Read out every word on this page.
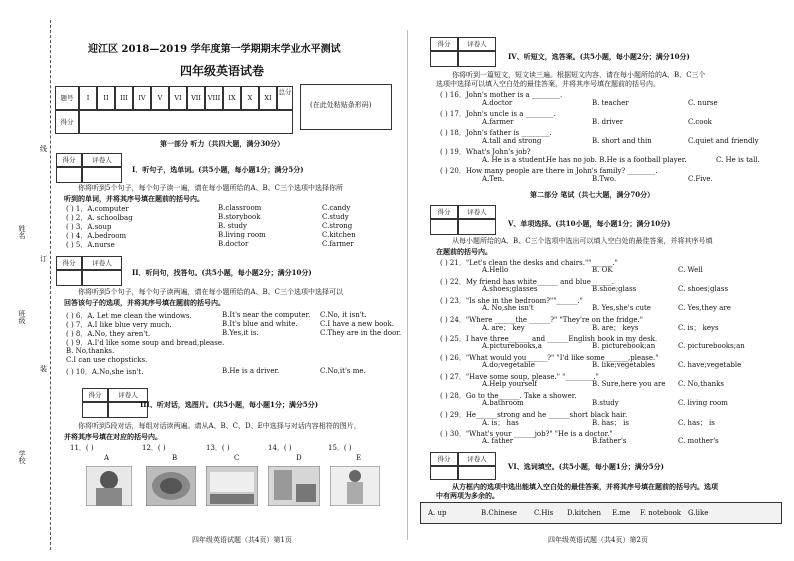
线
订
装
姓名
班级
学校
迎江区 2018—2019 学年度第一学期期末学业水平测试
四年级英语试卷
题号	I	II	III	IV	V	VI	VII	VIII	IX	X	XI
总分
得分
(在此处粘贴条形码)
第一部分 听力（共四大题，满分30分）
得分	评卷人
I．听句子，选单词。(共5小题，每小题1分；满分5分)
你将听到5个句子，每个句子读一遍，请在每小题所给的A、B、C三个选项中选择你所
听到的单词，并将其序号填在题前的括号内。
( ) 1．A.computer	B.classroom	C.candy
( ) 2．A. schoolbag	B.storybook	C.study
( ) 3．A.soup	B. study	C.strong
( ) 4．A.bedroom	B.living room	C.kitchen
( ) 5．A.nurse	B.doctor	C.farmer
得分	评卷人
II．听问句，找答句。(共5小题，每小题2分；满分10分)
你将听到5个句子，每个句子读两遍，请在每小题所给的A、B、C三个选项中选择可以
回答该句子的选项，并将其序号填在题前的括号内。
( ) 6．A. Let me clean the windows.	B.It's near the computer. C.No, it isn't.
( ) 7．A.I like blue very much.	B.It's blue and white.	C.I have a new book.
( ) 8．A.No, they aren't.	B.Yes,it is.	C.They are in the door.
( ) 9．A.I'd like some soup and bread,please.
B. No,thanks.
C.I can use chopsticks.
( ) 10．A.No,she isn't.	B.He is a driver.	C.No,it's me.
得分	评卷人
III、听对话，选图片。(共5小题，每小题1分；满分5分)
你将听到5段对话，每组对话读两遍。请从A、B、C、D、E中选择与对话内容相符的图片，
并将其序号填在对应的括号内。
11．( )	12．( )	13．( )	14．( )	15．( )
A	B	C	D	E
四年级英语试题（共4页）第1页
得分	评卷人
IV、听短文，选答案。(共5小题，每小题2分；满分10分)
你将听到一篇短文，短文读三遍。根据短文内容，请在每小题所给的A、B、C三个
选项中选择可以填入空白处的最佳答案，并将其序号填在题前的括号内。
( ) 16．John's mother is a ________.
A.doctor	B. teacher	C. nurse
( ) 17．John's uncle is a ________.
A.farmer	B. driver	C.cook
( ) 18．John's father is ________.
A.tall and strong	B. short and thin	C.quiet and friendly
( ) 19．What's John's job?
A. He is a student.
He has no job. B.He is a football player.	C. He is tall.
( ) 20．How many people are there in John's family? ________.
A.Ten.	B.Two.	C.Five.
第二部分 笔试（共七大题，满分70分）
得分	评卷人
V、单项选择。(共10小题，每小题1分；满分10分)
从每小题所给的A、B、C三个选项中选出可以填入空白处的最佳答案，并将其序号填
在题前的括号内。
( ) 21．"Let's clean the desks and chairs.""______."
A.Hello	B. OK	C. Well
( ) 22．My friend has white______ and blue______.
A.shoes;glasses	B.shoe;glass	C. shoes;glass
( ) 23．"Is she in the bedroom?""______."
A. No,she isn't	B. Yes,she's cute	C. Yes,they are
( ) 24．"Where ______the ______?" "They're on the fridge."
A. are； key	B. are； keys	C. is； keys
( ) 25．I have three______ and ______English book in my desk.
A.picturebooks,a	B. picturebook;an	C. picturebooks;an
( ) 26．"What would you______?" "I'd like some ______,please."
A.do;vegetable	B. like;vegetables	C. have;vegetable
( ) 27．"Have some soup, please." "________."
A.Help yourself	B. Sure,here you are C. No,thanks
( ) 28．Go to the______. Take a shower.
A.bathroom	B.study	C. living room
( ) 29．He______strong and he ______short black hair.
A. is； has	B. has； is	C. has； is
( ) 30．"What's your ______job?" "He is a doctor."
A. father	B.father's	C. mother's
得分	评卷人
VI、选词填空。(共5小题，每小题1分；满分5分)
从方框内的选项中选出能填入空白处的最佳答案，并将其序号填在题前的括号内。选项
中有两项为多余的。
A. up	B.Chinese C.His D.kitchen E.me F. notebook G.like
四年级英语试题（共4页）第2页
